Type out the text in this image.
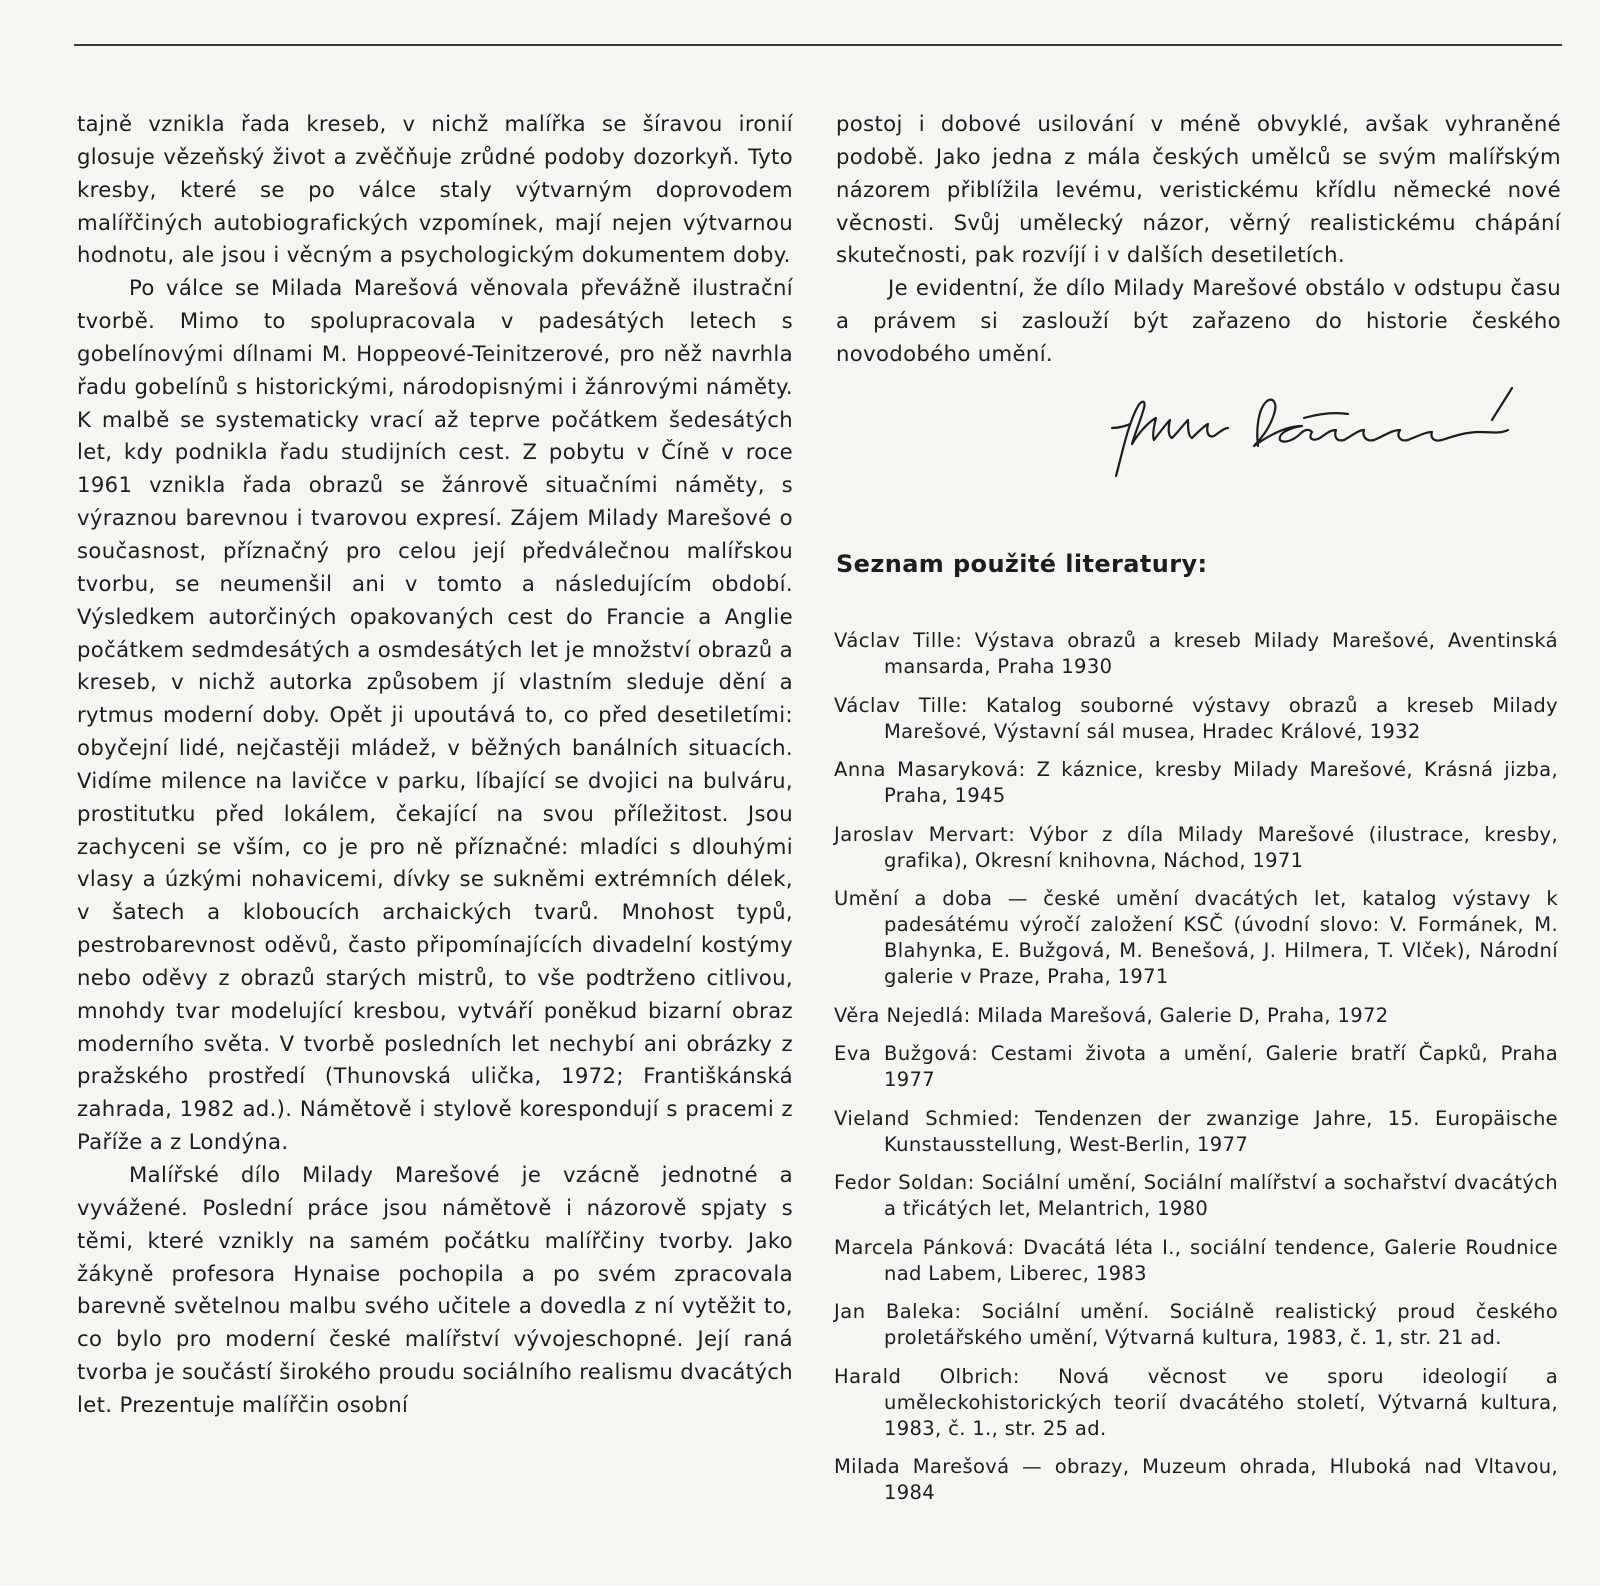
tajně vznikla řada kreseb, v nichž malířka se šíravou ironií glosuje vězeňský život a zvěčňuje zrůdné podoby dozorkyň. Tyto kresby, které se po válce staly výtvarným doprovodem malířčiných autobiografických vzpomínek, mají nejen výtvarnou hodnotu, ale jsou i věcným a psychologickým dokumentem doby.

Po válce se Milada Marešová věnovala převážně ilustrační tvorbě. Mimo to spolupracovala v padesátých letech s gobelínovými dílnami M. Hoppeové-Teinitzerové, pro něž navrhla řadu gobelínů s historickými, národopisnými i žánrovými náměty. K malbě se systematicky vrací až teprve počátkem šedesátých let, kdy podnikla řadu studijních cest. Z pobytu v Číně v roce 1961 vznikla řada obrazů se žánrově situačními náměty, s výraznou barevnou i tvarovou expresí. Zájem Milady Marešové o současnost, příznačný pro celou její předválečnou malířskou tvorbu, se neumenšil ani v tomto a následujícím období. Výsledkem autorčiných opakovaných cest do Francie a Anglie počátkem sedmdesátých a osmdesátých let je množství obrazů a kreseb, v nichž autorka způsobem jí vlastním sleduje dění a rytmus moderní doby. Opět ji upoutává to, co před desetiletími: obyčejní lidé, nejčastěji mládež, v běžných banálních situacích. Vidíme milence na lavičce v parku, líbající se dvojici na bulváru, prostitutku před lokálem, čekající na svou příležitost. Jsou zachyceni se vším, co je pro ně příznačné: mladíci s dlouhými vlasy a úzkými nohavicemi, dívky se sukněmi extrémních délek, v šatech a kloboucích archaických tvarů. Mnohost typů, pestrobarevnost oděvů, často připomínajících divadelní kostýmy nebo oděvy z obrazů starých mistrů, to vše podtrženo citlivou, mnohdy tvar modelující kresbou, vytváří poněkud bizarní obraz moderního světa. V tvorbě posledních let nechybí ani obrázky z pražského prostředí (Thunovská ulička, 1972; Františkánská zahrada, 1982 ad.). Námětově i stylově korespondují s pracemi z Paříže a z Londýna.

Malířské dílo Milady Marešové je vzácně jednotné a vyvážené. Poslední práce jsou námětově i názorově spjaty s těmi, které vznikly na samém počátku malířčiny tvorby. Jako žákyně profesora Hynaise pochopila a po svém zpracovala barevně světelnou malbu svého učitele a dovedla z ní vytěžit to, co bylo pro moderní české malířství vývojeschopné. Její raná tvorba je součástí širokého proudu sociálního realismu dvacátých let. Prezentuje malířčin osobní

postoj i dobové usilování v méně obvyklé, avšak vyhraněné podobě. Jako jedna z mála českých umělců se svým malířským názorem přiblížila levému, veristickému křídlu německé nové věcnosti. Svůj umělecký názor, věrný realistickému chápání skutečnosti, pak rozvíjí i v dalších desetiletích.

Je evidentní, že dílo Milady Marešové obstálo v odstupu času a právem si zaslouží být zařazeno do historie českého novodobého umění.

Seznam použité literatury:
Václav Tille: Výstava obrazů a kreseb Milady Marešové, Aventinská mansarda, Praha 1930
Václav Tille: Katalog souborné výstavy obrazů a kreseb Milady Marešové, Výstavní sál musea, Hradec Králové, 1932
Anna Masaryková: Z káznice, kresby Milady Marešové, Krásná jizba, Praha, 1945
Jaroslav Mervart: Výbor z díla Milady Marešové (ilustrace, kresby, grafika), Okresní knihovna, Náchod, 1971
Umění a doba — české umění dvacátých let, katalog výstavy k padesátému výročí založení KSČ (úvodní slovo: V. Formánek, M. Blahynka, E. Bužgová, M. Benešová, J. Hilmera, T. Vlček), Národní galerie v Praze, Praha, 1971
Věra Nejedlá: Milada Marešová, Galerie D, Praha, 1972
Eva Bužgová: Cestami života a umění, Galerie bratří Čapků, Praha 1977
Vieland Schmied: Tendenzen der zwanzige Jahre, 15. Europäische Kunstausstellung, West-Berlin, 1977
Fedor Soldan: Sociální umění, Sociální malířství a sochařství dvacátých a třicátých let, Melantrich, 1980
Marcela Pánková: Dvacátá léta I., sociální tendence, Galerie Roudnice nad Labem, Liberec, 1983
Jan Baleka: Sociální umění. Sociálně realistický proud českého proletářského umění, Výtvarná kultura, 1983, č. 1, str. 21 ad.
Harald Olbrich: Nová věcnost ve sporu ideologií a uměleckohistorických teorií dvacátého století, Výtvarná kultura, 1983, č. 1., str. 25 ad.
Milada Marešová — obrazy, Muzeum ohrada, Hluboká nad Vltavou, 1984
